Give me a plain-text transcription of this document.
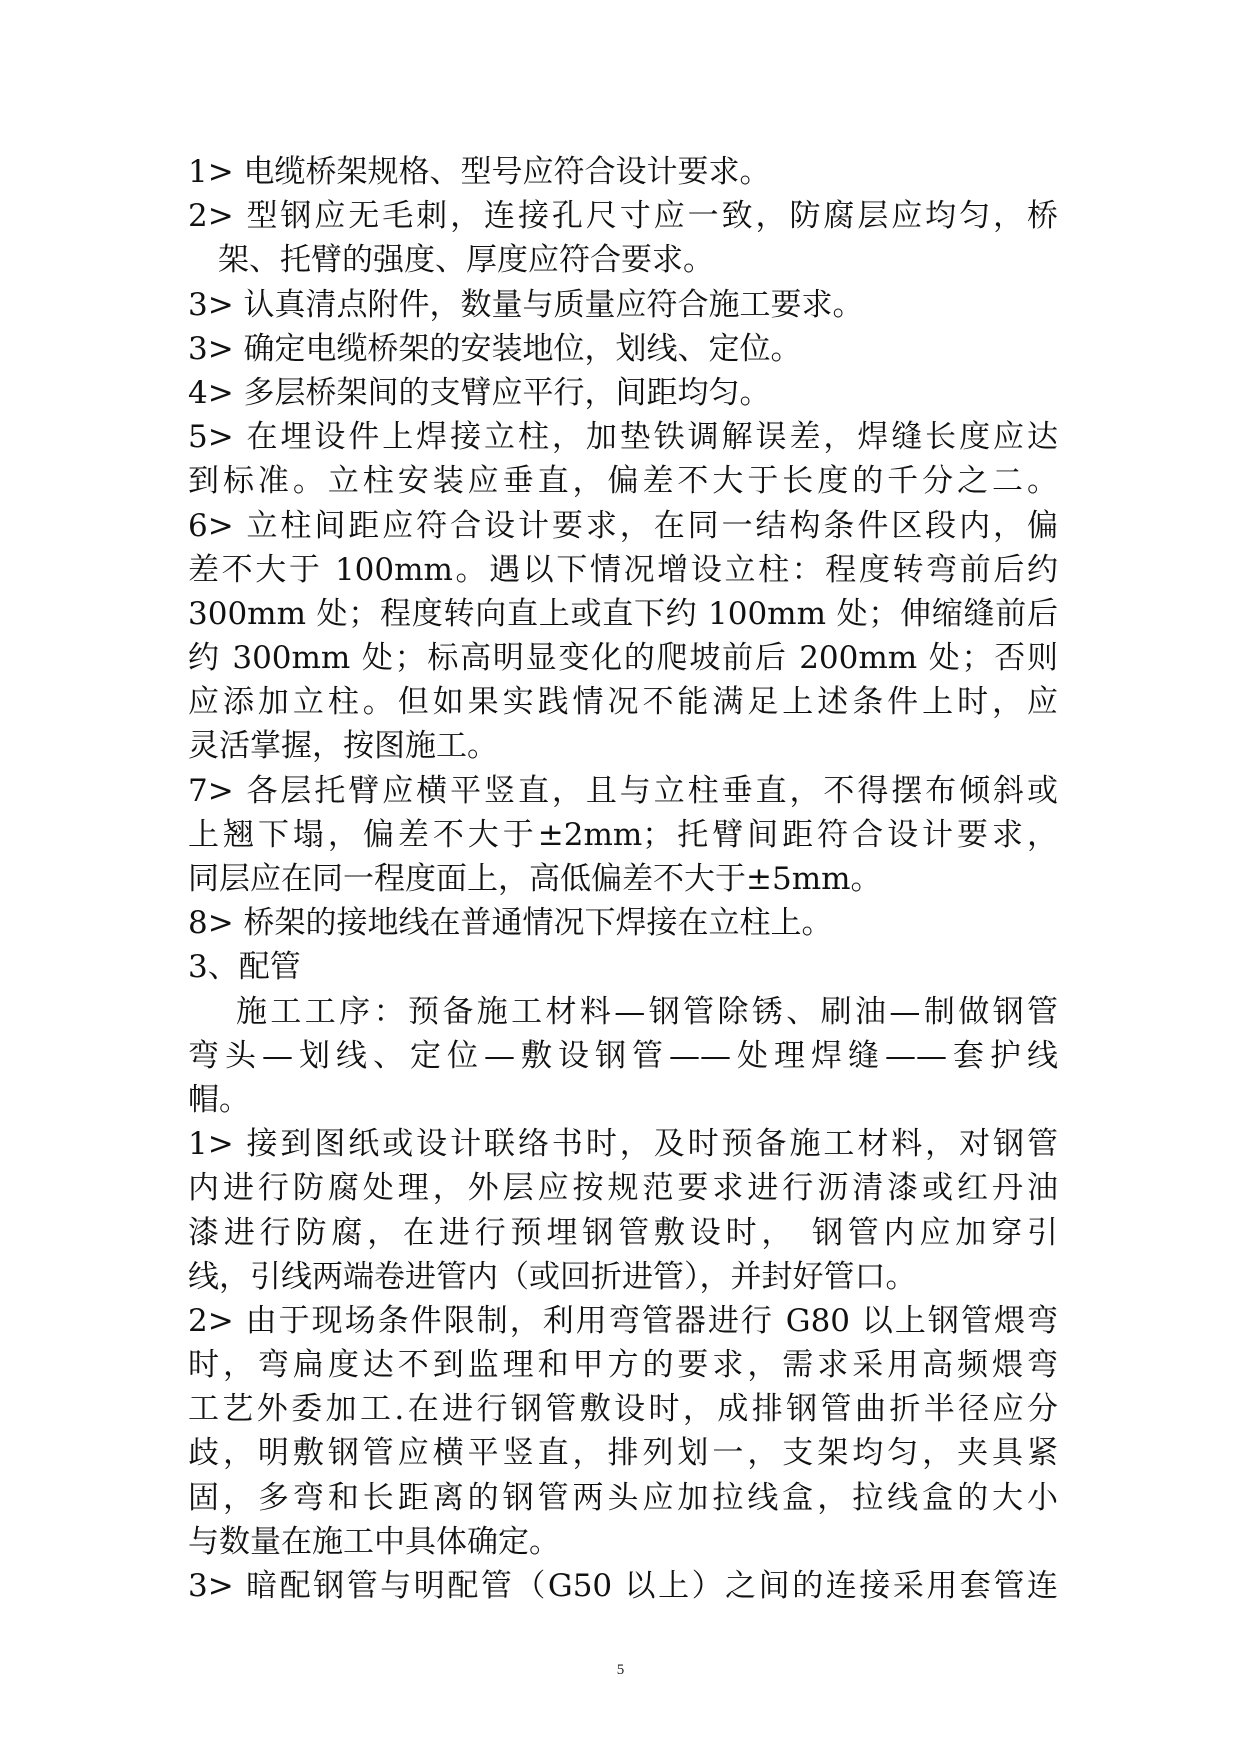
1> 电缆桥架规格、型号应符合设计要求。
2> 型钢应无毛刺，连接孔尺寸应一致，防腐层应均匀，桥
架、托臂的强度、厚度应符合要求。
3> 认真清点附件，数量与质量应符合施工要求。
3> 确定电缆桥架的安装地位，划线、定位。
4> 多层桥架间的支臂应平行，间距均匀。
5> 在埋设件上焊接立柱，加垫铁调解误差，焊缝长度应达
到标准。立柱安装应垂直，偏差不大于长度的千分之二。
6> 立柱间距应符合设计要求，在同一结构条件区段内，偏
差不大于 100mm。遇以下情况增设立柱：程度转弯前后约
300mm 处；程度转向直上或直下约 100mm 处；伸缩缝前后
约 300mm 处；标高明显变化的爬坡前后 200mm 处；否则
应添加立柱。但如果实践情况不能满足上述条件上时，应
灵活掌握，按图施工。
7> 各层托臂应横平竖直，且与立柱垂直，不得摆布倾斜或
上翘下塌，偏差不大于±2mm；托臂间距符合设计要求，
同层应在同一程度面上，高低偏差不大于±5mm。
8> 桥架的接地线在普通情况下焊接在立柱上。
3、配管
施工工序：预备施工材料—钢管除锈、刷油—制做钢管
弯头—划线、定位—敷设钢管——处理焊缝——套护线
帽。
1> 接到图纸或设计联络书时，及时预备施工材料，对钢管
内进行防腐处理，外层应按规范要求进行沥清漆或红丹油
漆进行防腐，在进行预埋钢管敷设时， 钢管内应加穿引
线，引线两端卷进管内（或回折进管），并封好管口。
2> 由于现场条件限制，利用弯管器进行 G80 以上钢管煨弯
时，弯扁度达不到监理和甲方的要求，需求采用高频煨弯
工艺外委加工.在进行钢管敷设时，成排钢管曲折半径应分
歧，明敷钢管应横平竖直，排列划一，支架均匀，夹具紧
固，多弯和长距离的钢管两头应加拉线盒，拉线盒的大小
与数量在施工中具体确定。
3> 暗配钢管与明配管（G50 以上）之间的连接采用套管连
5
